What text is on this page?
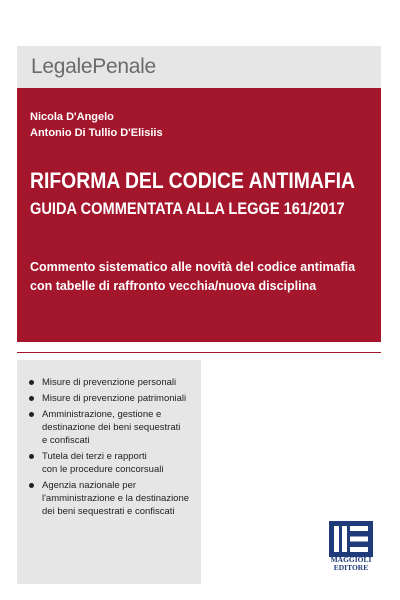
LegalePenale
Nicola D'Angelo
Antonio Di Tullio D'Elisiis
RIFORMA DEL CODICE ANTIMAFIA
GUIDA COMMENTATA ALLA LEGGE 161/2017
Commento sistematico alle novità del codice antimafia
con tabelle di raffronto vecchia/nuova disciplina
Misure di prevenzione personali
Misure di prevenzione patrimoniali
Amministrazione, gestione e
destinazione dei beni sequestrati
e confiscati
Tutela dei terzi e rapporti
con le procedure concorsuali
Agenzia nazionale per
l'amministrazione e la destinazione
dei beni sequestrati e confiscati
MAGGIOLI
EDITORE
